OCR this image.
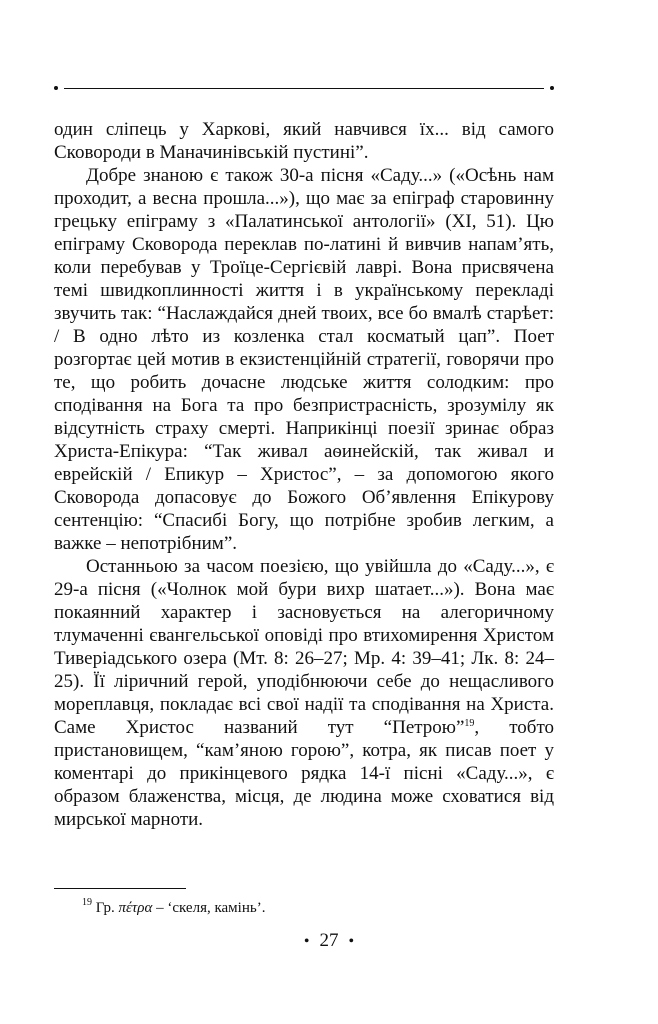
один сліпець у Харкові, який навчився їх... від самого Сковороди в Маначинівській пустині”.

Добре знаною є також 30-а пісня «Саду...» («Осѣнь нам проходит, а весна прошла...»), що має за епіграф старовинну грецьку епіграму з «Палатинської антології» (XI, 51). Цю епіграму Сковорода переклав по-латині й вивчив напам’ять, коли перебував у Троїце-Сергієвій лаврі. Вона присвячена темі швидкоплинності життя і в українському перекладі звучить так: “Наслаждайся дней твоих, все бо вмалѣ старѣет: / В одно лѣто из козленка стал косматый цап”. Поет розгортає цей мотив в екзистенційній стратегії, говорячи про те, що робить дочасне людське життя солодким: про сподівання на Бога та про безпристрасність, зрозумілу як відсутність страху смерті. Наприкінці поезії зринає образ Христа-Епікура: “Так живал аѳинейскій, так живал и еврейскій / Епикур – Христос”, – за допомогою якого Сковорода допасовує до Божого Об’явлення Епікурову сентенцію: “Спасибі Богу, що потрібне зробив легким, а важке – непотрібним”.

Останньою за часом поезією, що увійшла до «Саду...», є 29-а пісня («Чолнок мой бури вихр шатает...»). Вона має покаянний характер і засновується на алегоричному тлумаченні євангельської оповіді про втихомирення Христом Тиверіадського озера (Мт. 8: 26–27; Мр. 4: 39–41; Лк. 8: 24–25). Її ліричний герой, уподібнюючи себе до нещасливого мореплавця, покладає всі свої надії та сподівання на Христа. Саме Христос названий тут “Петрою”$^{19}$, тобто пристановищем, “кам’яною горою”, котра, як писав поет у коментарі до прикінцевого рядка 14-ї пісні «Саду...», є образом блаженства, місця, де людина може сховатися від мирської марноти.

$^{19}$ Гр. πέτρα – ‘скеля, камінь’.
• 27 •
